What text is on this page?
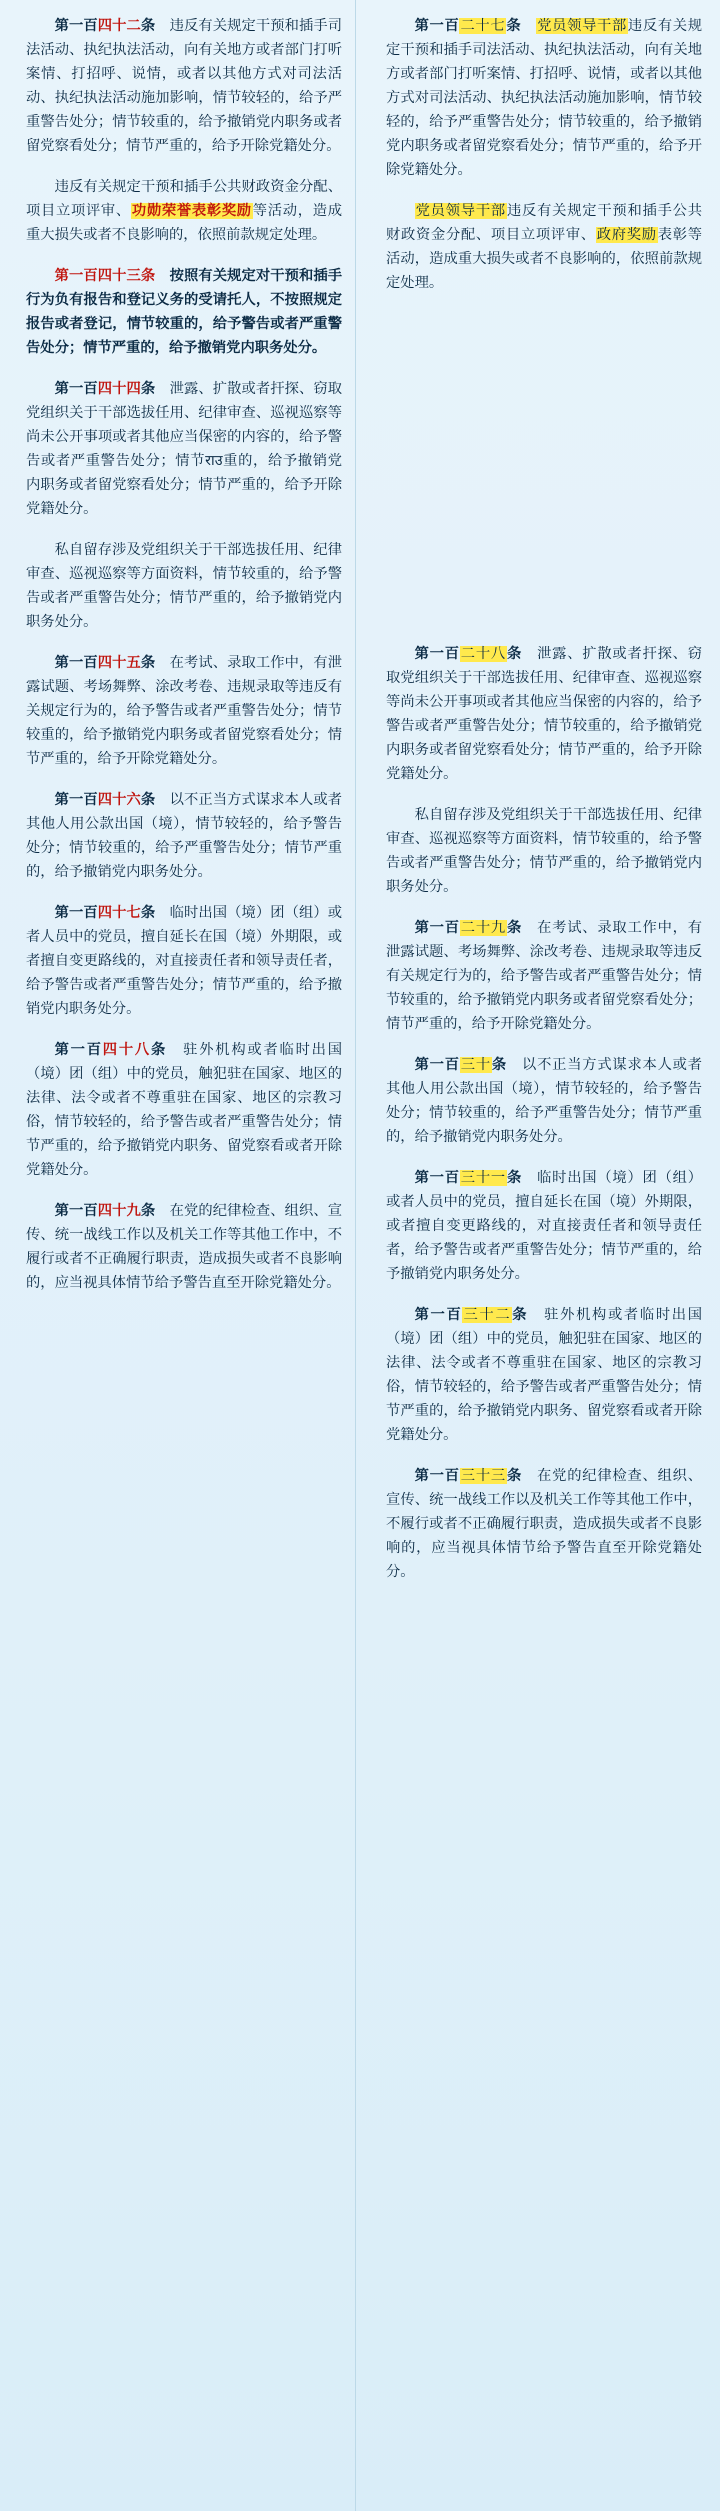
第一百四十二条　违反有关规定干预和插手司法活动、执纪执法活动，向有关地方或者部门打听案情、打招呼、说情，或者以其他方式对司法活动、执纪执法活动施加影响，情节较轻的，给予严重警告处分；情节较重的，给予撤销党内职务或者留党察看处分；情节严重的，给予开除党籍处分。

违反有关规定干预和插手公共财政资金分配、项目立项评审、功勋荣誉表彰奖励等活动，造成重大损失或者不良影响的，依照前款规定处理。

第一百四十三条　按照有关规定对干预和插手行为负有报告和登记义务的受请托人，不按照规定报告或者登记，情节较重的，给予警告或者严重警告处分；情节严重的，给予撤销党内职务处分。

第一百四十四条　泄露、扩散或者扞探、窃取党组织关于干部选拔任用、纪律审查、巡视巡察等尚未公开事项或者其他应当保密的内容的，给予警告或者严重警告处分；情节राउ重的，给予撤销党内职务或者留党察看处分；情节严重的，给予开除党籍处分。

私自留存涉及党组织关于干部选拔任用、纪律审查、巡视巡察等方面资料，情节较重的，给予警告或者严重警告处分；情节严重的，给予撤销党内职务处分。

第一百四十五条　在考试、录取工作中，有泄露试题、考场舞弊、涂改考卷、违规录取等违反有关规定行为的，给予警告或者严重警告处分；情节较重的，给予撤销党内职务或者留党察看处分；情节严重的，给予开除党籍处分。

第一百四十六条　以不正当方式谋求本人或者其他人用公款出国（境），情节较轻的，给予警告处分；情节较重的，给予严重警告处分；情节严重的，给予撤销党内职务处分。

第一百四十七条　临时出国（境）团（组）或者人员中的党员，擅自延长在国（境）外期限，或者擅自变更路线的，对直接责任者和领导责任者，给予警告或者严重警告处分；情节严重的，给予撤销党内职务处分。

第一百四十八条　驻外机构或者临时出国（境）团（组）中的党员，触犯驻在国家、地区的法律、法令或者不尊重驻在国家、地区的宗教习俗，情节较轻的，给予警告或者严重警告处分；情节严重的，给予撤销党内职务、留党察看或者开除党籍处分。

第一百四十九条　在党的纪律检查、组织、宣传、统一战线工作以及机关工作等其他工作中，不履行或者不正确履行职责，造成损失或者不良影响的，应当视具体情节给予警告直至开除党籍处分。

第一百二十七条　 党员领导干部违反有关规定干预和插手司法活动、执纪执法活动，向有关地方或者部门打听案情、打招呼、说情，或者以其他方式对司法活动、执纪执法活动施加影响，情节较轻的，给予严重警告处分；情节较重的，给予撤销党内职务或者留党察看处分；情节严重的，给予开除党籍处分。

党员领导干部违反有关规定干预和插手公共财政资金分配、项目立项评审、政府奖励表彰等活动，造成重大损失或者不良影响的，依照前款规定处理。

第一百二十八条　泄露、扩散或者扞探、窃取党组织关于干部选拔任用、纪律审查、巡视巡察等尚未公开事项或者其他应当保密的内容的，给予警告或者严重警告处分；情节较重的，给予撤销党内职务或者留党察看处分；情节严重的，给予开除党籍处分。

私自留存涉及党组织关于干部选拔任用、纪律审查、巡视巡察等方面资料，情节较重的，给予警告或者严重警告处分；情节严重的，给予撤销党内职务处分。

第一百二十九条　在考试、录取工作中，有泄露试题、考场舞弊、涂改考卷、违规录取等违反有关规定行为的，给予警告或者严重警告处分；情节较重的，给予撤销党内职务或者留党察看处分；情节严重的，给予开除党籍处分。

第一百三十条　以不正当方式谋求本人或者其他人用公款出国（境），情节较轻的，给予警告处分；情节较重的，给予严重警告处分；情节严重的，给予撤销党内职务处分。

第一百三十一条　临时出国（境）团（组）或者人员中的党员，擅自延长在国（境）外期限，或者擅自变更路线的，对直接责任者和领导责任者，给予警告或者严重警告处分；情节严重的，给予撤销党内职务处分。

第一百三十二条　驻外机构或者临时出国（境）团（组）中的党员，触犯驻在国家、地区的法律、法令或者不尊重驻在国家、地区的宗教习俗，情节较轻的，给予警告或者严重警告处分；情节严重的，给予撤销党内职务、留党察看或者开除党籍处分。

第一百三十三条　在党的纪律检查、组织、宣传、统一战线工作以及机关工作等其他工作中，不履行或者不正确履行职责，造成损失或者不良影响的，应当视具体情节给予警告直至开除党籍处分。
